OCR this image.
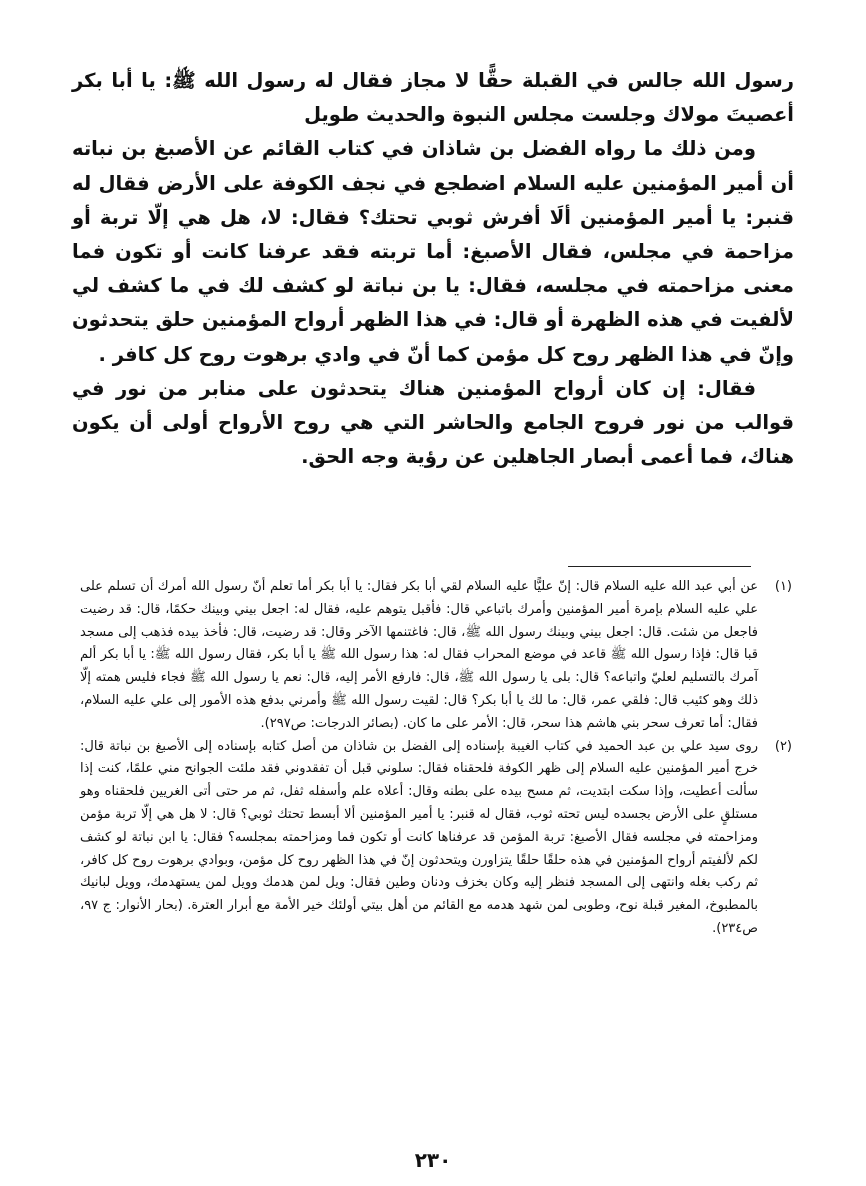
رسول الله جالس في القبلة حقًّا لا مجاز فقال له رسول الله ﷺ: يا أبا بكر أعصيتَ مولاك وجلست مجلس النبوة والحديث طويل

ومن ذلك ما رواه الفضل بن شاذان في كتاب القائم عن الأصبغ بن نباته أن أمير المؤمنين عليه السلام اضطجع في نجف الكوفة على الأرض فقال له قنبر: يا أمير المؤمنين ألَا أفرش ثوبي تحتك؟ فقال: لا، هل هي إلّا تربة أو مزاحمة في مجلس، فقال الأصبغ: أما تربته فقد عرفنا كانت أو تكون فما معنى مزاحمته في مجلسه، فقال: يا بن نباتة لو كشف لك في ما كشف لي لألفيت في هذه الظهرة أو قال: في هذا الظهر أرواح المؤمنين حلق يتحدثون وإنّ في هذا الظهر روح كل مؤمن كما أنّ في وادي برهوت روح كل كافر .

فقال: إن كان أرواح المؤمنين هناك يتحدثون على منابر من نور في قوالب من نور فروح الجامع والحاشر التي هي روح الأرواح أولى أن يكون هناك، فما أعمى أبصار الجاهلين عن رؤية وجه الحق.

(١)
عن أبي عبد الله عليه السلام قال: إنّ عليًّا عليه السلام لقي أبا بكر فقال: يا أبا بكر أما تعلم أنّ رسول الله أمرك أن تسلم على علي عليه السلام بإمرة أمير المؤمنين وأمرك باتباعي قال: فأقبل يتوهم عليه، فقال له: اجعل بيني وبينك حكمًا، قال: قد رضيت فاجعل من شئت. قال: اجعل بيني وبينك رسول الله ﷺ، قال: فاغتنمها الآخر وقال: قد رضيت، قال: فأخذ بيده فذهب إلى مسجد قبا قال: فإذا رسول الله ﷺ قاعد في موضع المحراب فقال له: هذا رسول الله ﷺ يا أبا بكر، فقال رسول الله ﷺ: يا أبا بكر ألم آمرك بالتسليم لعليّ واتباعه؟ قال: بلى يا رسول الله ﷺ، قال: فارفع الأمر إليه، قال: نعم يا رسول الله ﷺ فجاء فليس همته إلّا ذلك وهو كئيب قال: فلقي عمر، قال: ما لك يا أبا بكر؟ قال: لقيت رسول الله ﷺ وأمرني بدفع هذه الأمور إلى علي عليه السلام، فقال: أما تعرف سحر بني هاشم هذا سحر، قال: الأمر على ما كان. (بصائر الدرجات: ص٢٩٧).
(٢)
روى سيد علي بن عبد الحميد في كتاب الغيبة بإسناده إلى الفضل بن شاذان من أصل كتابه بإسناده إلى الأصبغ بن نباتة قال: خرج أمير المؤمنين عليه السلام إلى ظهر الكوفة فلحقناه فقال: سلوني قبل أن تفقدوني فقد ملئت الجوانح مني علمًا، كنت إذا سألت أعطيت، وإذا سكت ابتديت، ثم مسح بيده على بطنه وقال: أعلاه علم وأسفله ثفل، ثم مر حتى أتى الغريين فلحقناه وهو مستلقٍ على الأرض بجسده ليس تحته ثوب، فقال له قنبر: يا أمير المؤمنين ألا أبسط تحتك ثوبي؟ قال: لا هل هي إلّا تربة مؤمن ومزاحمته في مجلسه فقال الأصبغ: تربة المؤمن قد عرفناها كانت أو تكون فما ومزاحمته بمجلسه؟ فقال: يا ابن نباتة لو كشف لكم لألفيتم أرواح المؤمنين في هذه حلقًا حلقًا يتزاورن ويتحدثون إنّ في هذا الظهر روح كل مؤمن، وبوادي برهوت روح كل كافر، ثم ركب بغله وانتهى إلى المسجد فنظر إليه وكان بخزف ودنان وطين فقال: ويل لمن هدمك وويل لمن يستهدمك، وويل لبانيك بالمطبوخ، المغير قبلة نوح، وطوبى لمن شهد هدمه مع القائم من أهل بيتي أولئك خير الأمة مع أبرار العترة. (بحار الأنوار: ج ٩٧، ص٢٣٤).
٢٣٠
